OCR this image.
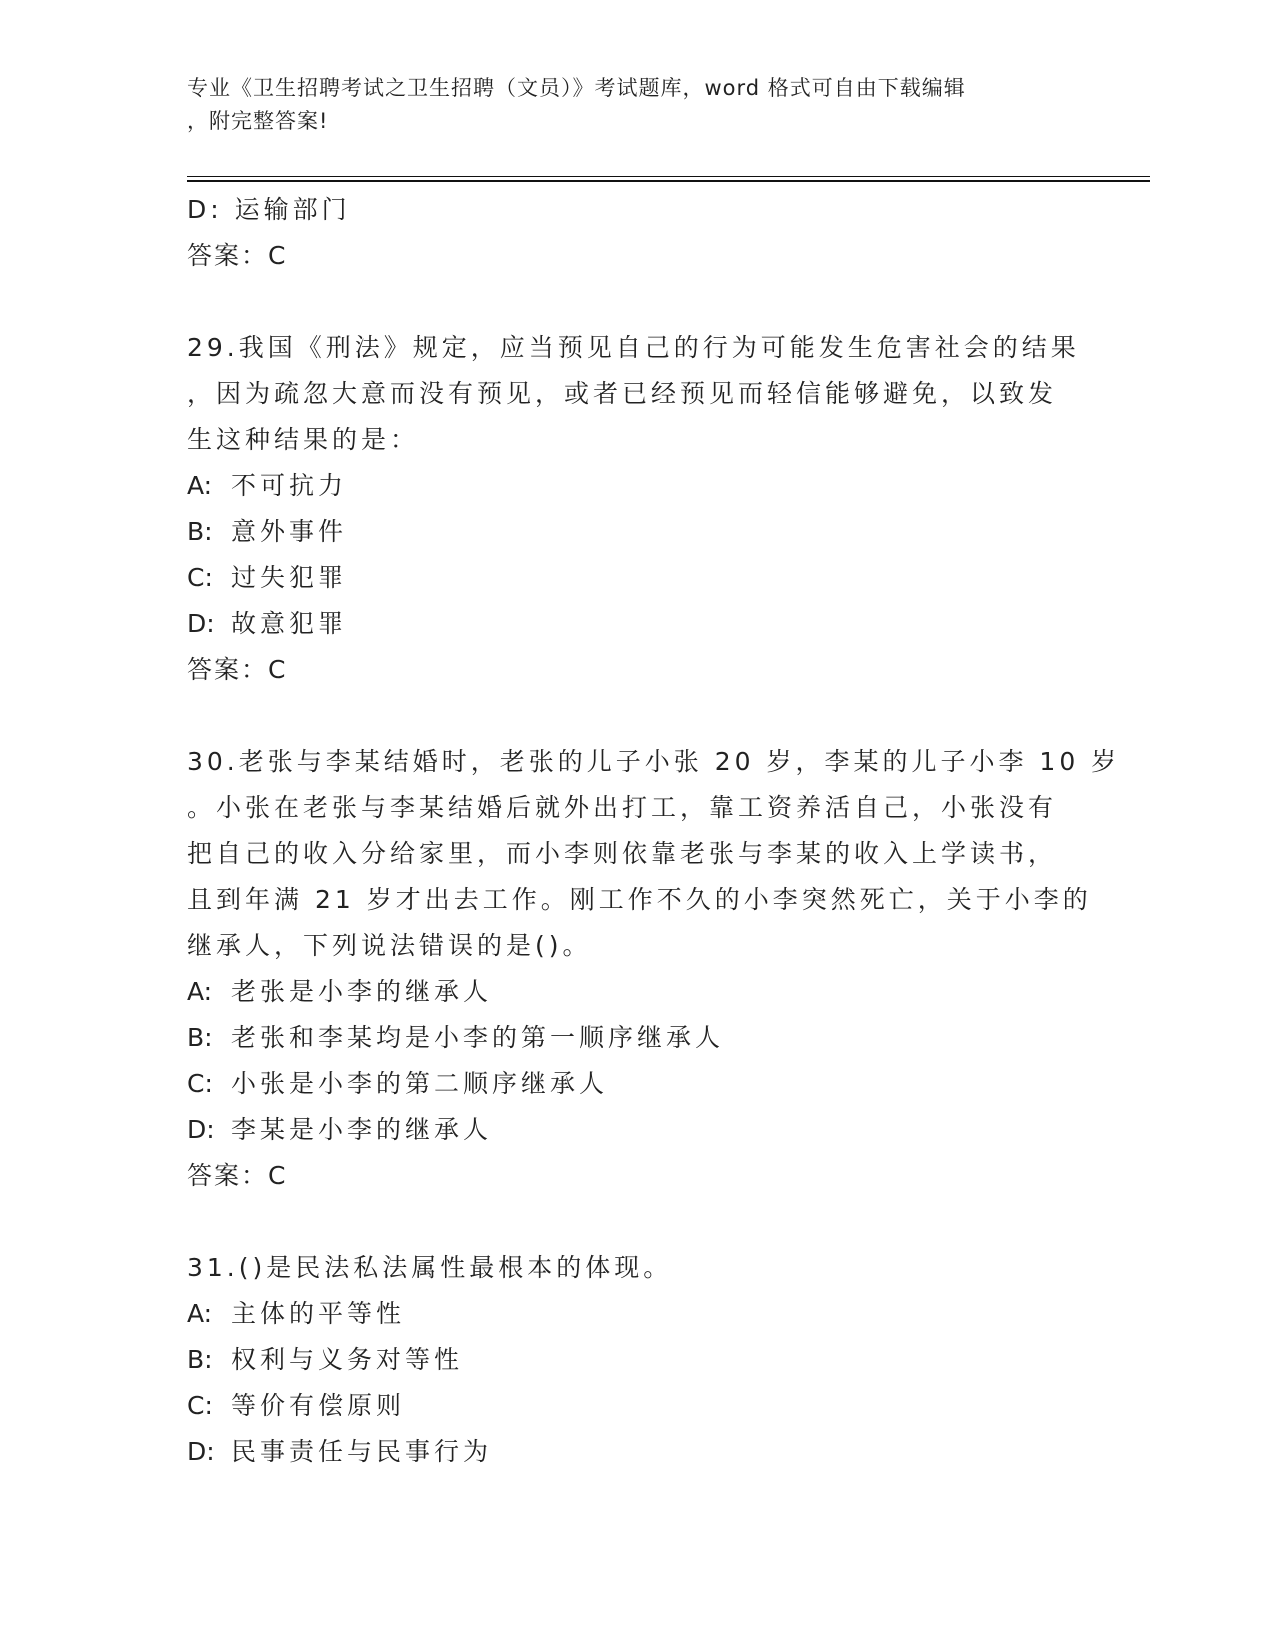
专业《卫生招聘考试之卫生招聘（文员）》考试题库，word 格式可自由下载编辑
，附完整答案!
D: 运输部门
答案：C
29.我国《刑法》规定，应当预见自己的行为可能发生危害社会的结果
，因为疏忽大意而没有预见，或者已经预见而轻信能够避免，以致发
生这种结果的是：
A: 不可抗力
B: 意外事件
C: 过失犯罪
D: 故意犯罪
答案：C
30.老张与李某结婚时，老张的儿子小张 20 岁，李某的儿子小李 10 岁
。小张在老张与李某结婚后就外出打工，靠工资养活自己，小张没有
把自己的收入分给家里，而小李则依靠老张与李某的收入上学读书，
且到年满 21 岁才出去工作。刚工作不久的小李突然死亡，关于小李的
继承人，下列说法错误的是()。
A: 老张是小李的继承人
B: 老张和李某均是小李的第一顺序继承人
C: 小张是小李的第二顺序继承人
D: 李某是小李的继承人
答案：C
31.()是民法私法属性最根本的体现。
A: 主体的平等性
B: 权利与义务对等性
C: 等价有偿原则
D: 民事责任与民事行为
